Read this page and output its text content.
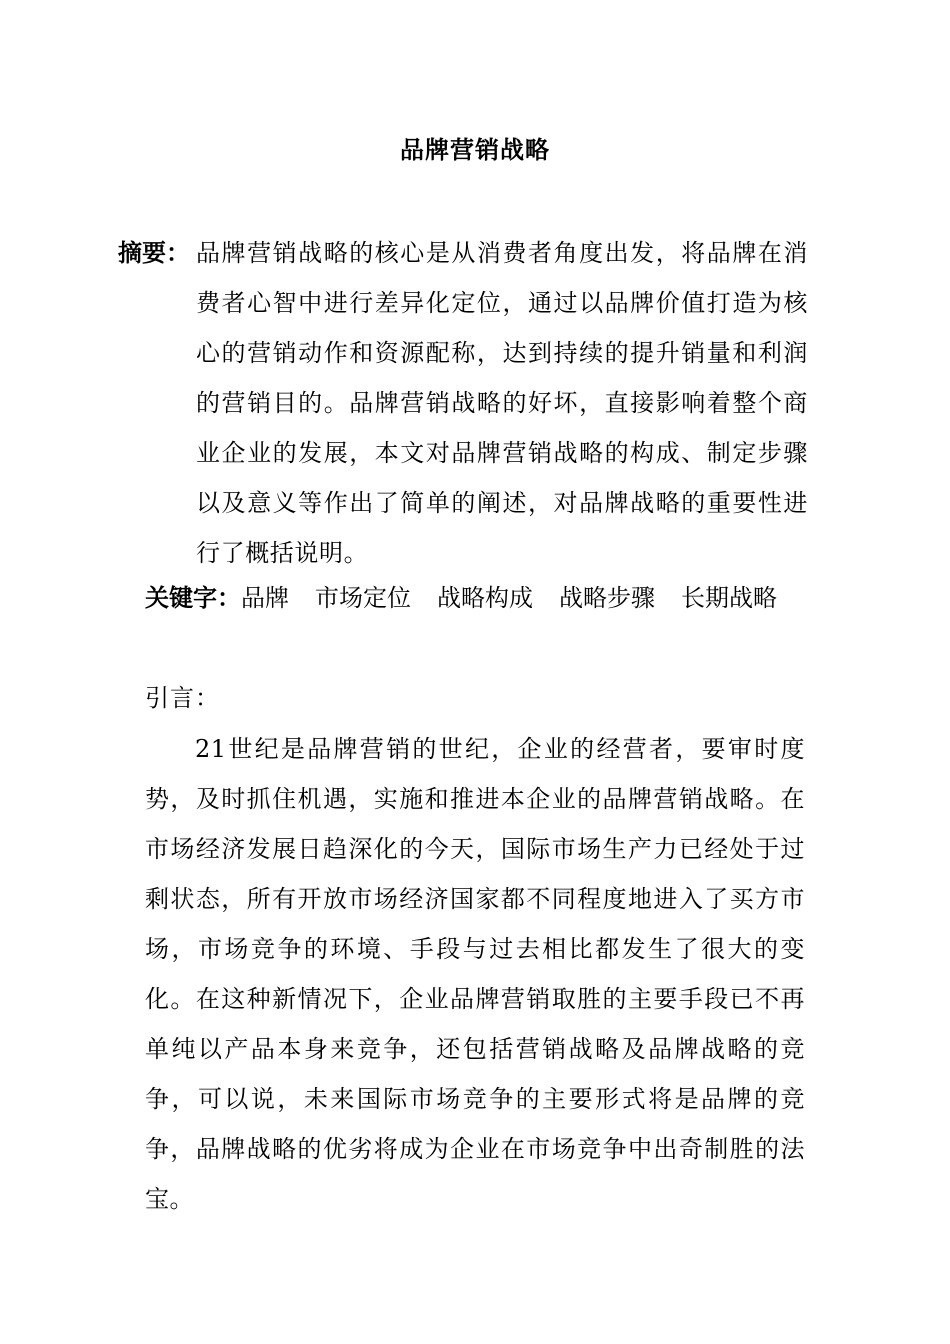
品牌营销战略
摘要： 品牌营销战略的核心是从消费者角度出发，将品牌在消费者心智中进行差异化定位，通过以品牌价值打造为核心的营销动作和资源配称，达到持续的提升销量和利润的营销目的。品牌营销战略的好坏，直接影响着整个商业企业的发展，本文对品牌营销战略的构成、制定步骤以及意义等作出了简单的阐述，对品牌战略的重要性进行了概括说明。
关键字：品牌 市场定位 战略构成 战略步骤 长期战略
引言：
21世纪是品牌营销的世纪，企业的经营者，要审时度势，及时抓住机遇，实施和推进本企业的品牌营销战略。在市场经济发展日趋深化的今天，国际市场生产力已经处于过剩状态，所有开放市场经济国家都不同程度地进入了买方市场，市场竞争的环境、手段与过去相比都发生了很大的变化。在这种新情况下，企业品牌营销取胜的主要手段已不再单纯以产品本身来竞争，还包括营销战略及品牌战略的竞争，可以说，未来国际市场竞争的主要形式将是品牌的竞争，品牌战略的优劣将成为企业在市场竞争中出奇制胜的法宝。
